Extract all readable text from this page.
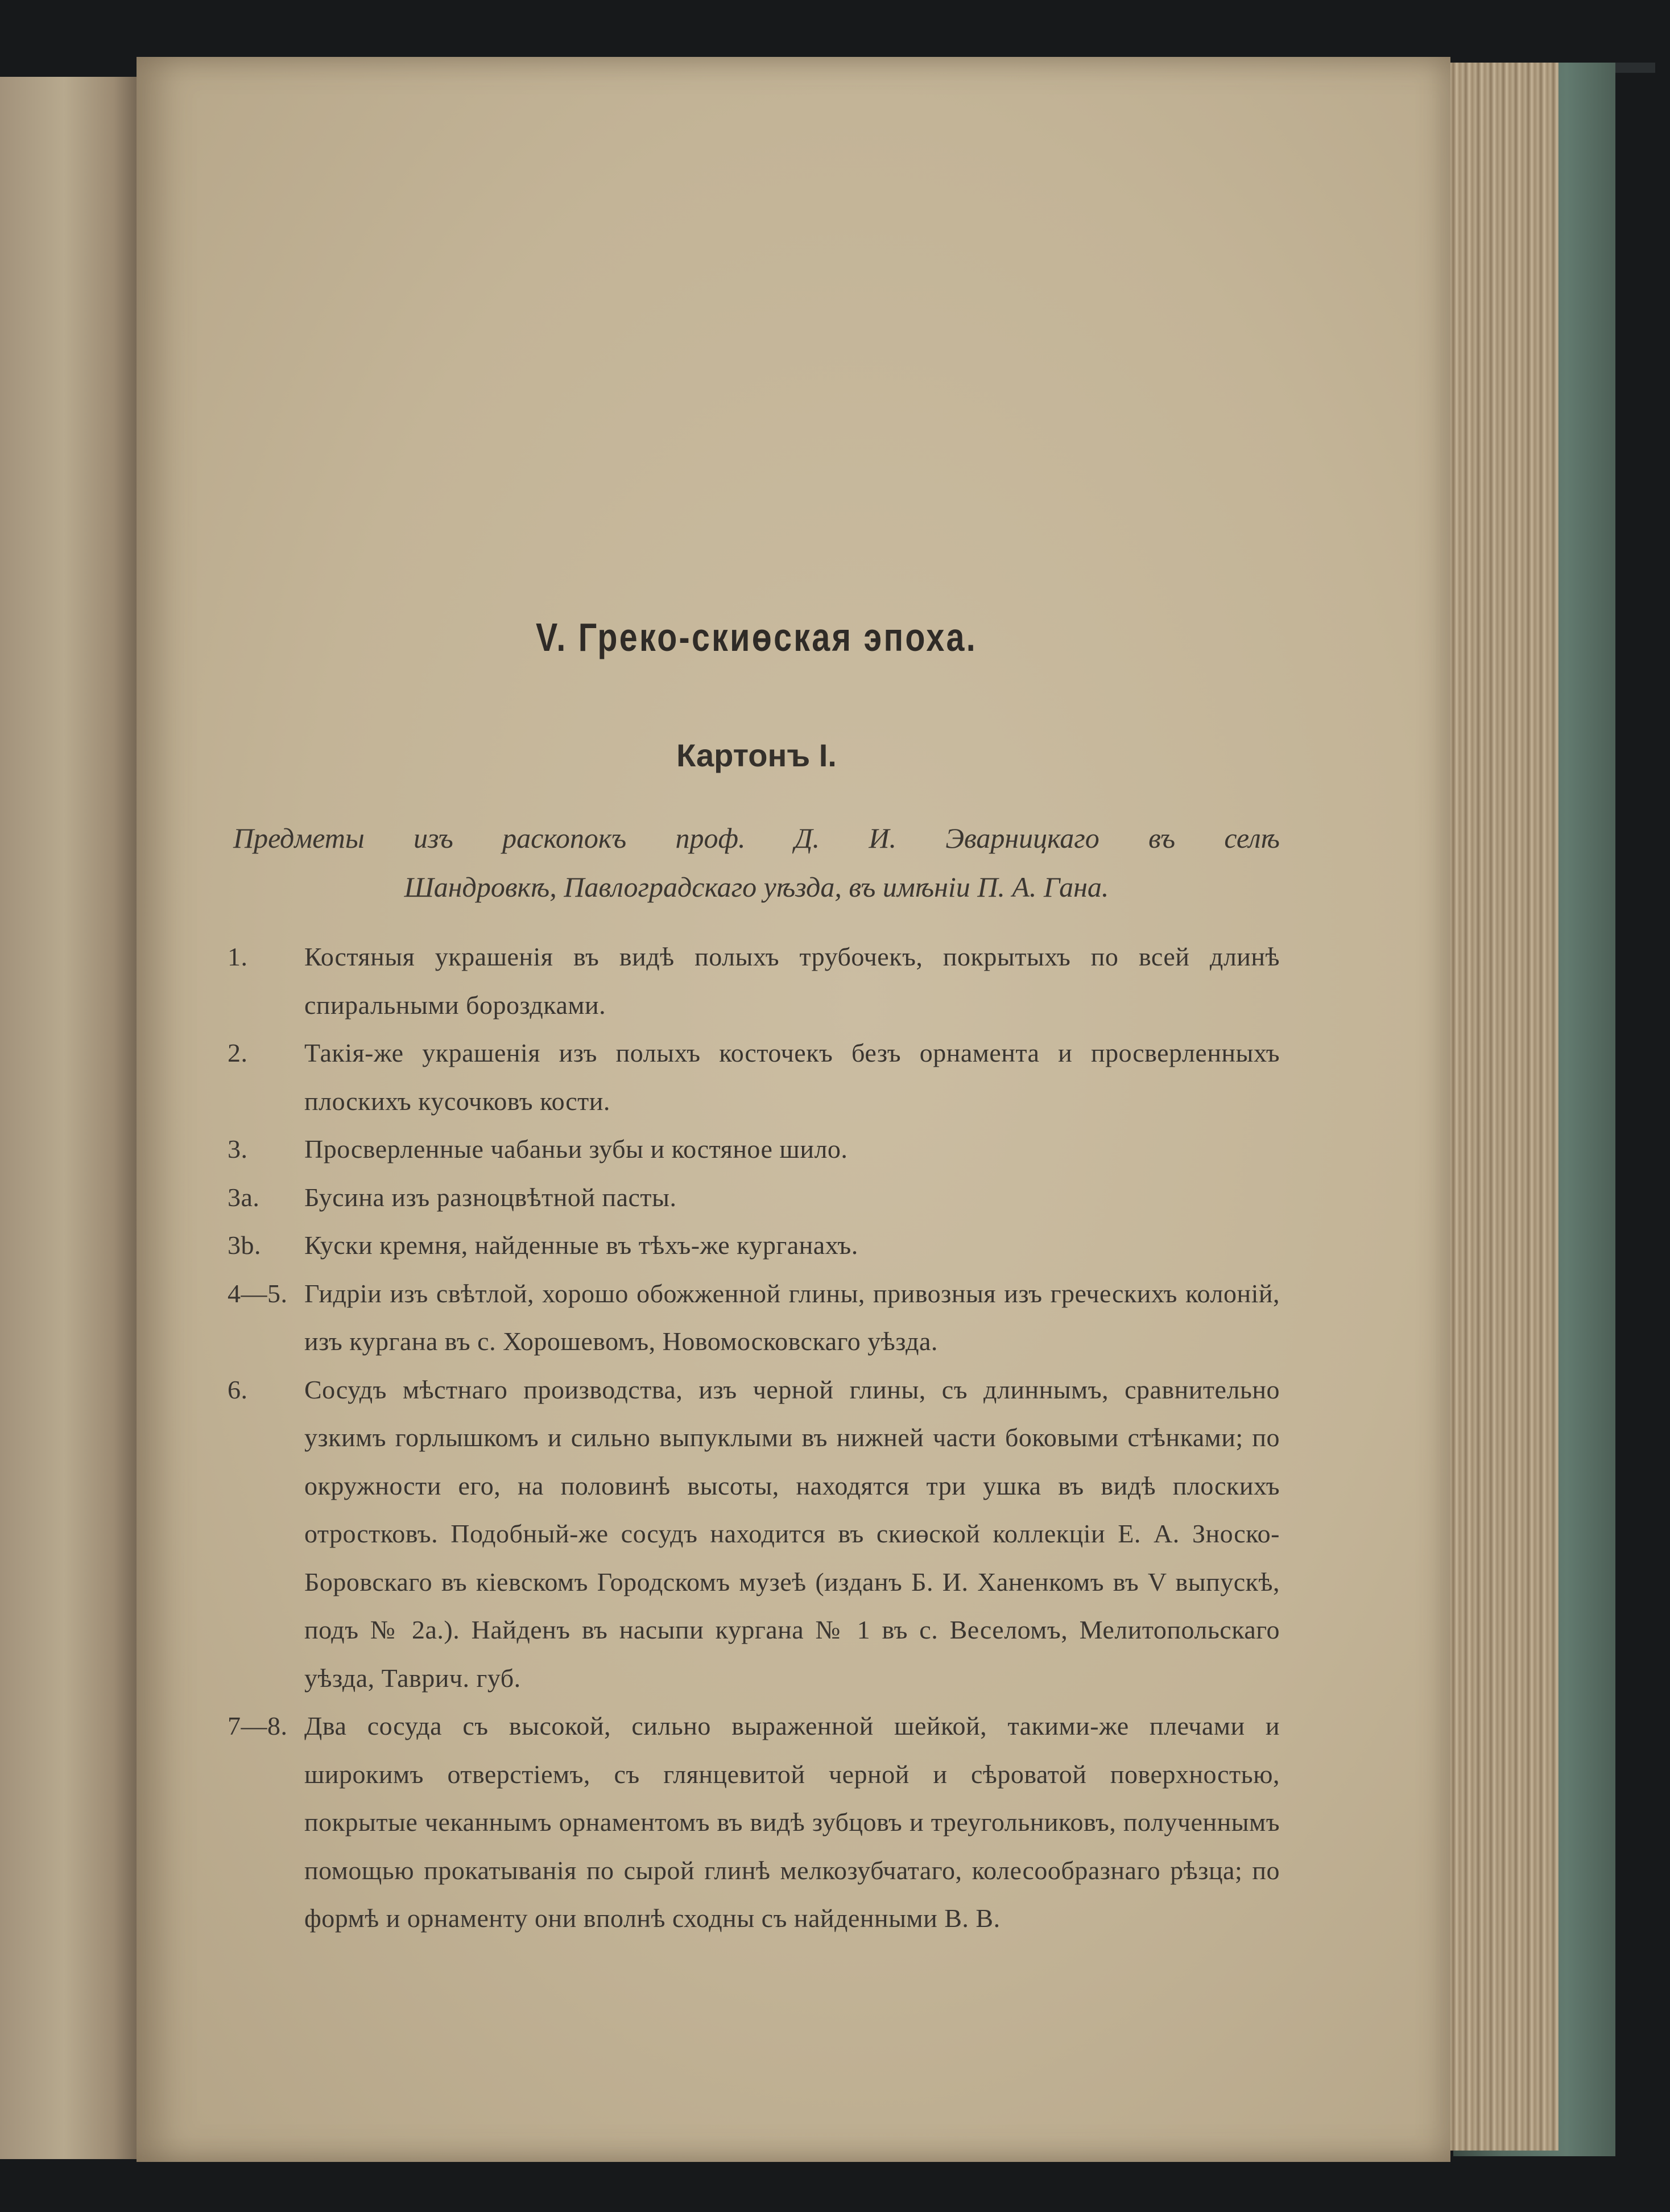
V. Греко-скиөская эпоха.
Картонъ I.

Предметы изъ раскопокъ проф. Д. И. Эварницкаго въ селѣ
Шандровкѣ, Павлоградскаго уѣзда, въ имѣніи П. А. Гана.

1.	Костяныя украшенія въ видѣ полыхъ трубочекъ, покрытыхъ по всей длинѣ спиральными бороздками.
2.	Такія-же украшенія изъ полыхъ косточекъ безъ орнамента и просверленныхъ плоскихъ кусочковъ кости.
3.	Просверленные чабаньи зубы и костяное шило.
3a.	Бусина изъ разноцвѣтной пасты.
3b.	Куски кремня, найденные въ тѣхъ-же курганахъ.
4—5. Гидріи изъ свѣтлой, хорошо обожженной глины, привозныя изъ греческихъ колоній, изъ кургана въ с. Хорошевомъ, Новомосковскаго уѣзда.
6.	Сосудъ мѣстнаго производства, изъ черной глины, съ длиннымъ, сравнительно узкимъ горлышкомъ и сильно выпуклыми въ нижней части боковыми стѣнками; по окружности его, на половинѣ высоты, находятся три ушка въ видѣ плоскихъ отростковъ. Подобный-же сосудъ находится въ скиөской коллекціи Е. А. Зноско-Боровскаго въ кіевскомъ Городскомъ музеѣ (изданъ Б. И. Ханенкомъ въ V выпускѣ, подъ № 2a.). Найденъ въ насыпи кургана № 1 въ с. Веселомъ, Мелитопольскаго уѣзда, Таврич. губ.
7—8. Два сосуда съ высокой, сильно выраженной шейкой, такими-же плечами и широкимъ отверстіемъ, съ глянцевитой черной и сѣроватой поверхностью, покрытые чеканнымъ орнаментомъ въ видѣ зубцовъ и треугольниковъ, полученнымъ помощью прокатыванія по сырой глинѣ мелкозубчатаго, колесообразнаго рѣзца; по формѣ и орнаменту они вполнѣ сходны съ найденными В. В.
